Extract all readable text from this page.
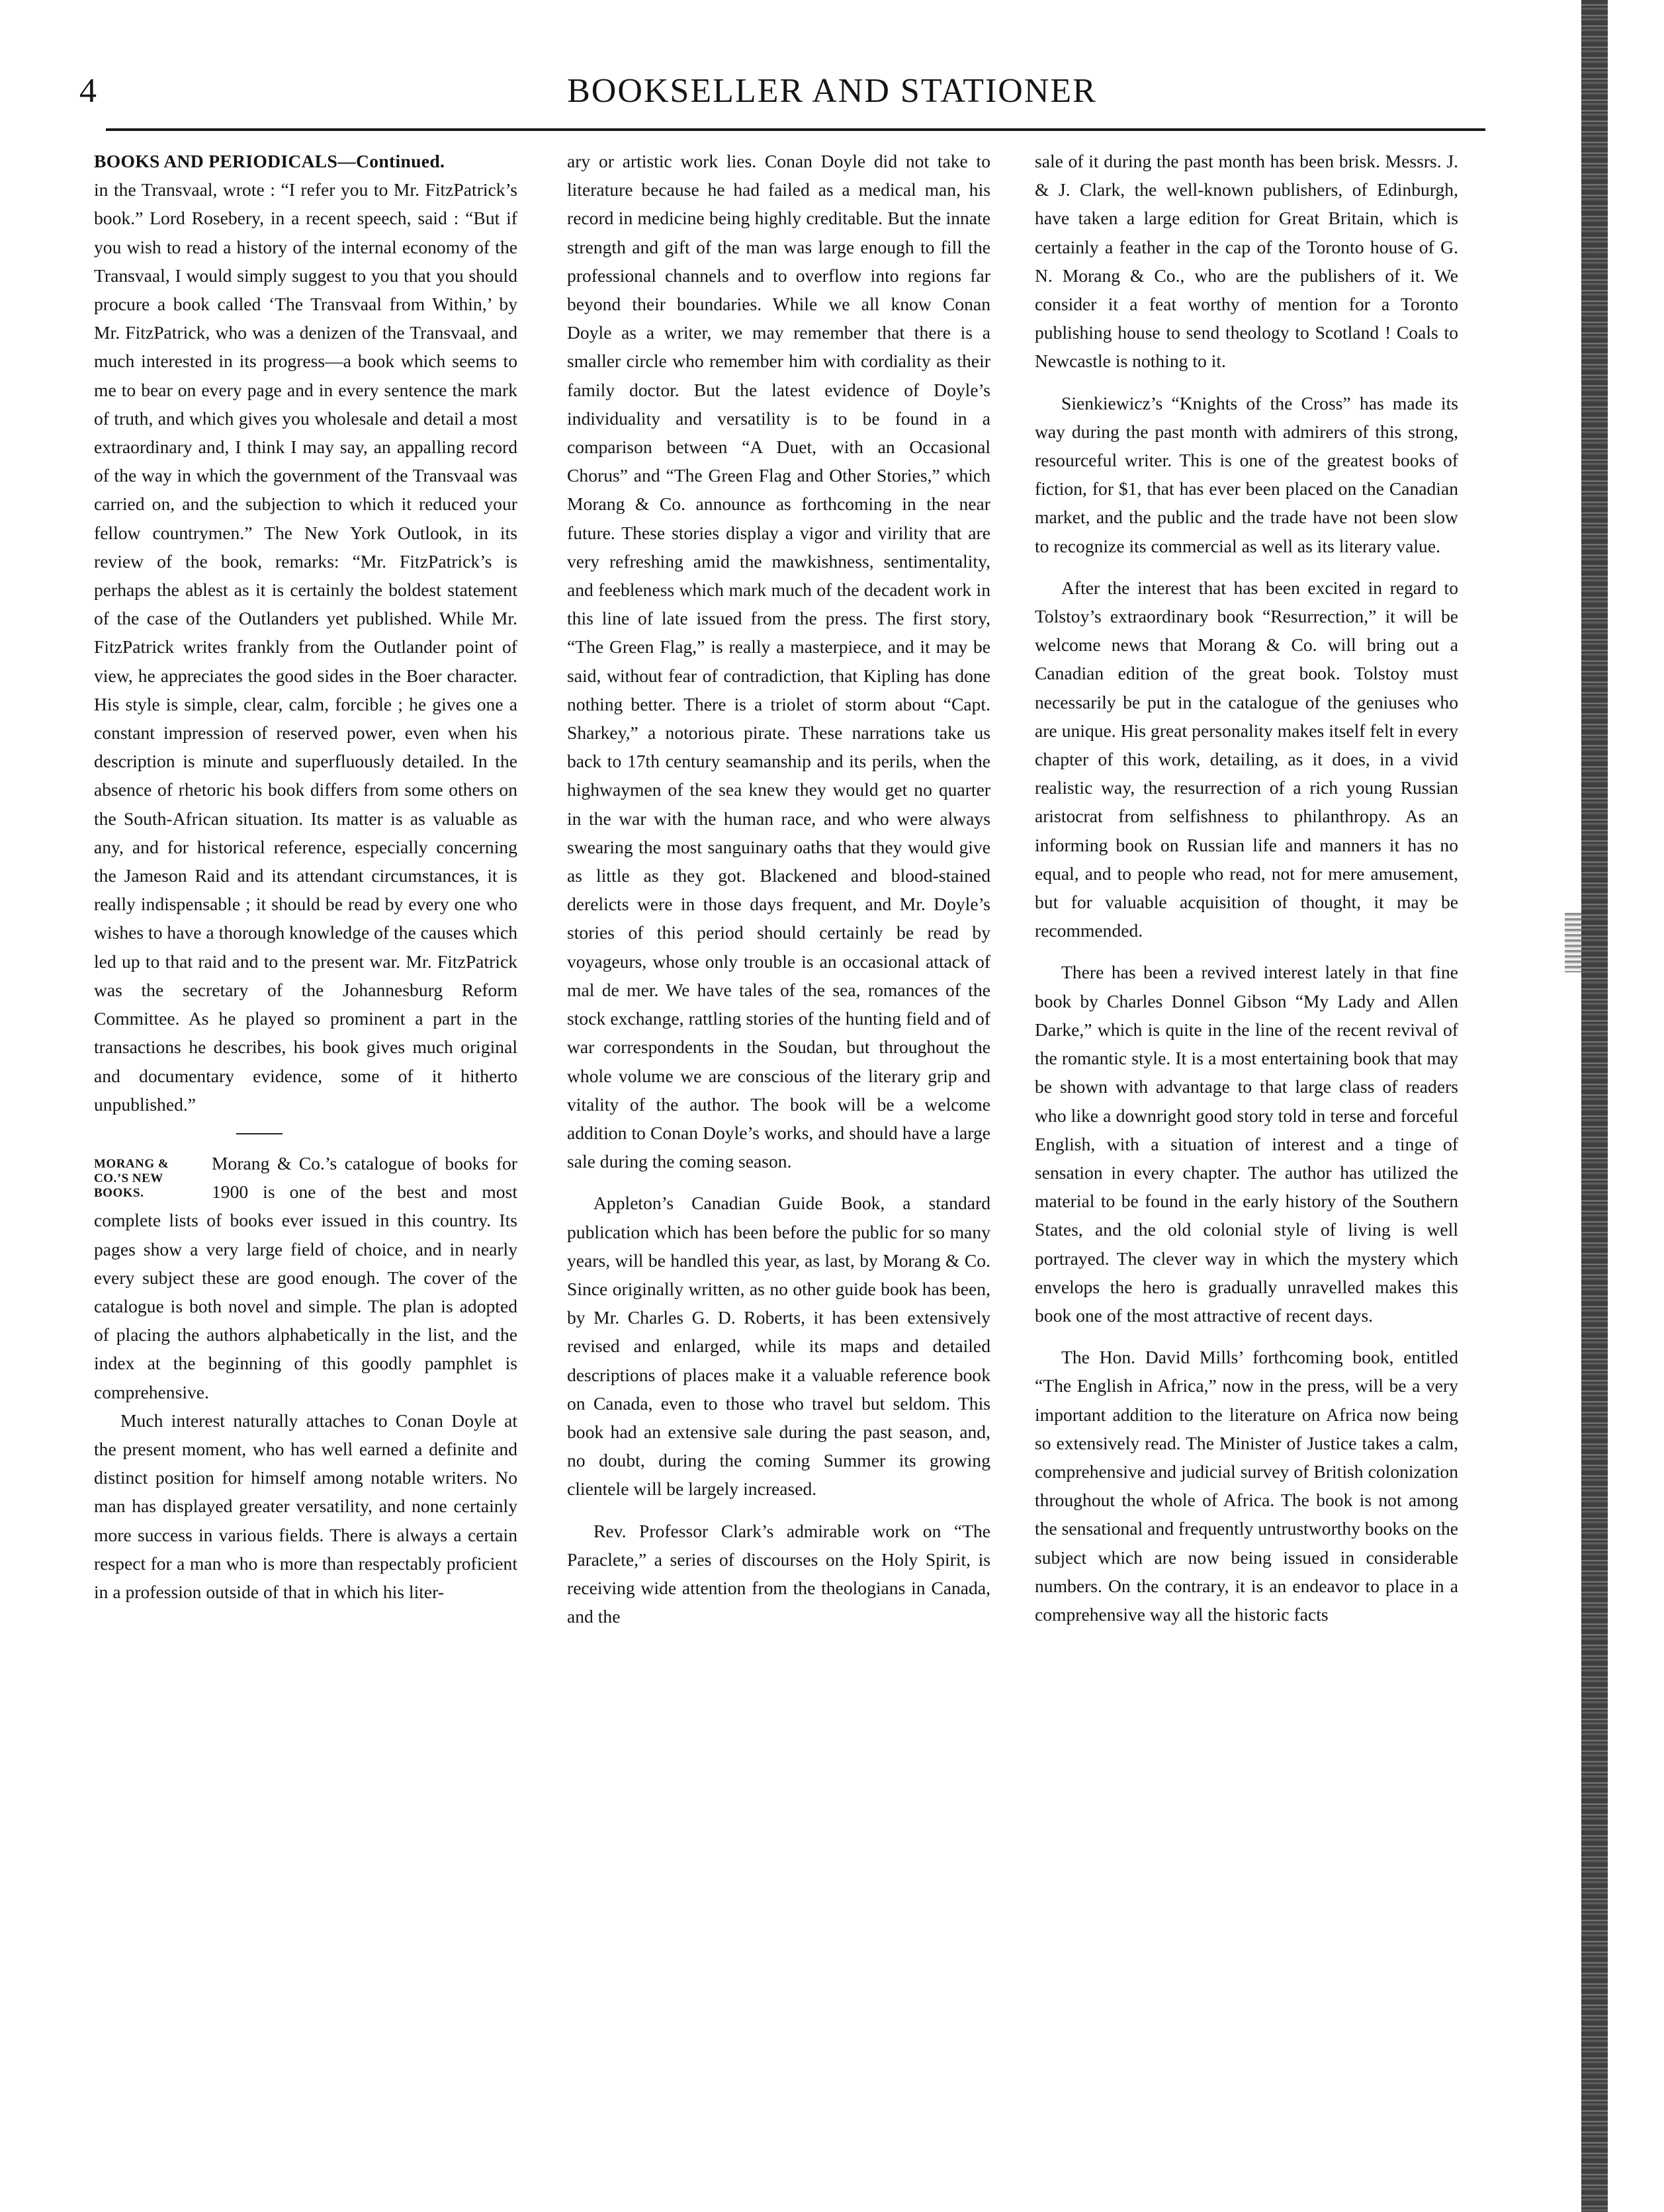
4	BOOKSELLER AND STATIONER
BOOKS AND PERIODICALS—Continued.

in the Transvaal, wrote : “I refer you to Mr. FitzPatrick’s book.” Lord Rosebery, in a recent speech, said : “But if you wish to read a history of the internal economy of the Transvaal, I would simply suggest to you that you should procure a book called ‘The Transvaal from Within,’ by Mr. FitzPatrick, who was a denizen of the Transvaal, and much interested in its progress—a book which seems to me to bear on every page and in every sentence the mark of truth, and which gives you wholesale and detail a most extraordinary and, I think I may say, an appalling record of the way in which the government of the Transvaal was carried on, and the subjection to which it reduced your fellow countrymen.” The New York Outlook, in its review of the book, remarks: “Mr. FitzPatrick’s is perhaps the ablest as it is certainly the boldest statement of the case of the Outlanders yet published. While Mr. FitzPatrick writes frankly from the Outlander point of view, he appreciates the good sides in the Boer character. His style is simple, clear, calm, forcible ; he gives one a constant impression of reserved power, even when his description is minute and superfluously detailed. In the absence of rhetoric his book differs from some others on the South-African situation. Its matter is as valuable as any, and for historical reference, especially concerning the Jameson Raid and its attendant circumstances, it is really indispensable ; it should be read by every one who wishes to have a thorough knowledge of the causes which led up to that raid and to the present war. Mr. FitzPatrick was the secretary of the Johannesburg Reform Committee. As he played so prominent a part in the transactions he describes, his book gives much original and documentary evidence, some of it hitherto unpublished.”

MORANG & CO.’S NEW BOOKS.

Morang & Co.’s catalogue of books for 1900 is one of the best and most complete lists of books ever issued in this country. Its pages show a very large field of choice, and in nearly every subject these are good enough. The cover of the catalogue is both novel and simple. The plan is adopted of placing the authors alphabetically in the list, and the index at the beginning of this goodly pamphlet is comprehensive.

Much interest naturally attaches to Conan Doyle at the present moment, who has well earned a definite and distinct position for himself among notable writers. No man has displayed greater versatility, and none certainly more success in various fields. There is always a certain respect for a man who is more than respectably proficient in a profession outside of that in which his liter-

ary or artistic work lies. Conan Doyle did not take to literature because he had failed as a medical man, his record in medicine being highly creditable. But the innate strength and gift of the man was large enough to fill the professional channels and to overflow into regions far beyond their boundaries. While we all know Conan Doyle as a writer, we may remember that there is a smaller circle who remember him with cordiality as their family doctor. But the latest evidence of Doyle’s individuality and versatility is to be found in a comparison between “A Duet, with an Occasional Chorus” and “The Green Flag and Other Stories,” which Morang & Co. announce as forthcoming in the near future. These stories display a vigor and virility that are very refreshing amid the mawkishness, sentimentality, and feebleness which mark much of the decadent work in this line of late issued from the press. The first story, “The Green Flag,” is really a masterpiece, and it may be said, without fear of contradiction, that Kipling has done nothing better. There is a triolet of storm about “Capt. Sharkey,” a notorious pirate. These narrations take us back to 17th century seamanship and its perils, when the highwaymen of the sea knew they would get no quarter in the war with the human race, and who were always swearing the most sanguinary oaths that they would give as little as they got. Blackened and blood-stained derelicts were in those days frequent, and Mr. Doyle’s stories of this period should certainly be read by voyageurs, whose only trouble is an occasional attack of mal de mer. We have tales of the sea, romances of the stock exchange, rattling stories of the hunting field and of war correspondents in the Soudan, but throughout the whole volume we are conscious of the literary grip and vitality of the author. The book will be a welcome addition to Conan Doyle’s works, and should have a large sale during the coming season.

Appleton’s Canadian Guide Book, a standard publication which has been before the public for so many years, will be handled this year, as last, by Morang & Co. Since originally written, as no other guide book has been, by Mr. Charles G. D. Roberts, it has been extensively revised and enlarged, while its maps and detailed descriptions of places make it a valuable reference book on Canada, even to those who travel but seldom. This book had an extensive sale during the past season, and, no doubt, during the coming Summer its growing clientele will be largely increased.

Rev. Professor Clark’s admirable work on “The Paraclete,” a series of discourses on the Holy Spirit, is receiving wide attention from the theologians in Canada, and the

sale of it during the past month has been brisk. Messrs. J. & J. Clark, the well-known publishers, of Edinburgh, have taken a large edition for Great Britain, which is certainly a feather in the cap of the Toronto house of G. N. Morang & Co., who are the publishers of it. We consider it a feat worthy of mention for a Toronto publishing house to send theology to Scotland ! Coals to Newcastle is nothing to it.

Sienkiewicz’s “Knights of the Cross” has made its way during the past month with admirers of this strong, resourceful writer. This is one of the greatest books of fiction, for $1, that has ever been placed on the Canadian market, and the public and the trade have not been slow to recognize its commercial as well as its literary value.

After the interest that has been excited in regard to Tolstoy’s extraordinary book “Resurrection,” it will be welcome news that Morang & Co. will bring out a Canadian edition of the great book. Tolstoy must necessarily be put in the catalogue of the geniuses who are unique. His great personality makes itself felt in every chapter of this work, detailing, as it does, in a vivid realistic way, the resurrection of a rich young Russian aristocrat from selfishness to philanthropy. As an informing book on Russian life and manners it has no equal, and to people who read, not for mere amusement, but for valuable acquisition of thought, it may be recommended.

There has been a revived interest lately in that fine book by Charles Donnel Gibson “My Lady and Allen Darke,” which is quite in the line of the recent revival of the romantic style. It is a most entertaining book that may be shown with advantage to that large class of readers who like a downright good story told in terse and forceful English, with a situation of interest and a tinge of sensation in every chapter. The author has utilized the material to be found in the early history of the Southern States, and the old colonial style of living is well portrayed. The clever way in which the mystery which envelops the hero is gradually unravelled makes this book one of the most attractive of recent days.

The Hon. David Mills’ forthcoming book, entitled “The English in Africa,” now in the press, will be a very important addition to the literature on Africa now being so extensively read. The Minister of Justice takes a calm, comprehensive and judicial survey of British colonization throughout the whole of Africa. The book is not among the sensational and frequently untrustworthy books on the subject which are now being issued in considerable numbers. On the contrary, it is an endeavor to place in a comprehensive way all the historic facts
